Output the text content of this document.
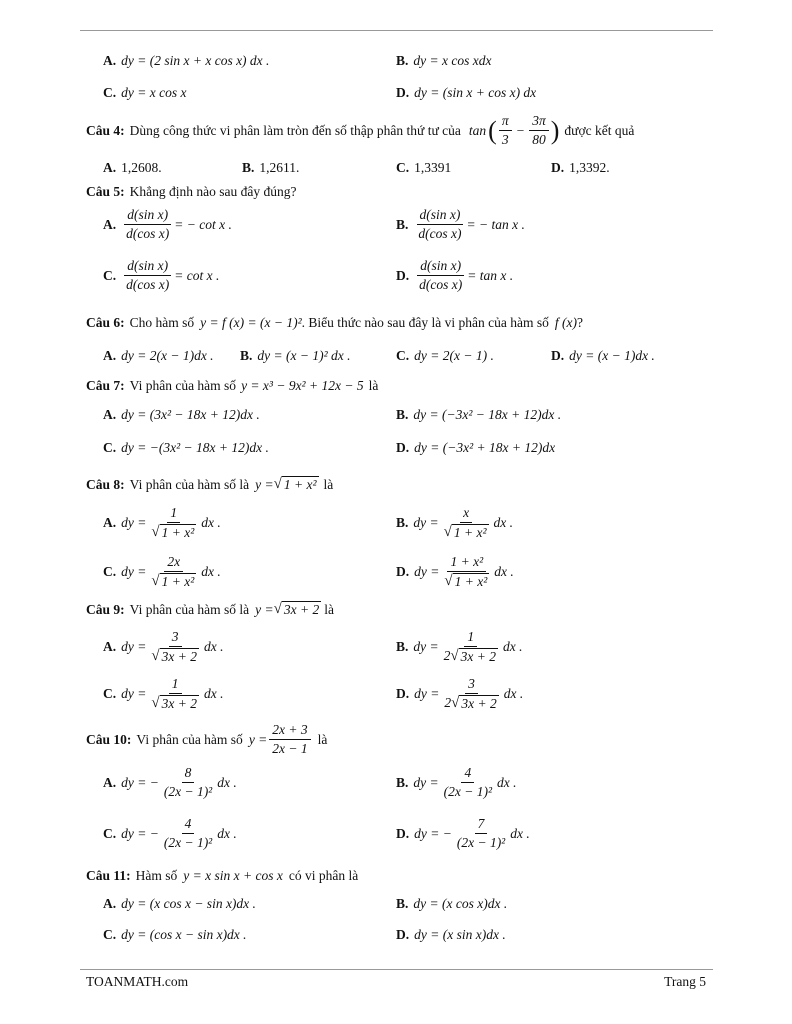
A. dy = (2 sin x + x cos x) dx .	B. dy = x cos xdx
C. dy = x cos x	D. dy = (sin x + cos x) dx
Câu 4: Dùng công thức vi phân làm tròn đến số thập phân thứ tư của tan ( $\frac{\pi}{3} - \frac{3\pi}{80}$ ) được kết quả
A. 1,2608.	B. 1,2611.	C. 1,3391	D. 1,3392.
Câu 5: Khẳng định nào sau đây đúng?
A. $\frac{\text{d(sin x)}}{\text{d(cos x)}}$ = − cot x .	B. $\frac{\text{d(sin x)}}{\text{d(cos x)}}$ = − tan x .
C. $\frac{\text{d(sin x)}}{\text{d(cos x)}} = \cot x$ .	D. $\frac{\text{d(sin x)}}{\text{d(cos x)}} = \tan x$ .
Câu 6: Cho hàm số y = f (x) = (x − 1)² . Biểu thức nào sau đây là vi phân của hàm số f (x) ?
A. dy = 2(x − 1)dx . B. dy = (x − 1)² dx .	C. dy = 2(x − 1) .	D. dy = (x − 1)dx .
Câu 7: Vi phân của hàm số y = x³ − 9x² + 12x − 5 là
A. dy = (3x² − 18x + 12)dx .	B. dy = (−3x² − 18x + 12)dx .
C. dy = −(3x² − 18x + 12)dx .	D. dy = (−3x² + 18x + 12)dx
Câu 8: Vi phân của hàm số là y = √ 1 + x² là
A. dy = $\frac{1}{\text{√ 1 + x²}}$ dx .	B. dy = $\frac{x}{\text{√ 1 + x²}}$ dx .
C. dy = $\frac{2x}{\text{√ 1 + x²}}$ dx .	D. dy = $\frac{\text{1 + x²}}{\text{√ 1 + x²}}$ dx .
Câu 9: Vi phân của hàm số là y = √ 3x + 2 là
A. dy = $\frac{3}{√ 3x + 2}$ dx .	B. dy = $\frac{1}{2 √ 3x + 2}$ dx .
C. dy = $\frac{1}{√ 3x + 2}$ dx .	D. dy = $\frac{3}{2 √ 3x + 2}$ dx .
Câu 10: Vi phân của hàm số $y = \frac{2x + 3}{2x - 1}$ là
A. dy = − $\frac{8}{\text{(2x − 1)²}}$ dx .	B. dy = $\frac{4}{\text{(2x − 1)²}}$ dx .
C. dy = − $\frac{4}{\text{(2x − 1)²}}$ dx .	D. dy = − $\frac{7}{\text{(2x − 1)²}}$ dx .
Câu 11: Hàm số y = x sin x + cos x có vi phân là
A. dy = (x cos x − sin x)dx .	B. dy = (x cos x)dx .
C. dy = (cos x − sin x)dx .	D. dy = (x sin x)dx .
TOANMATH.com	Trang 5
